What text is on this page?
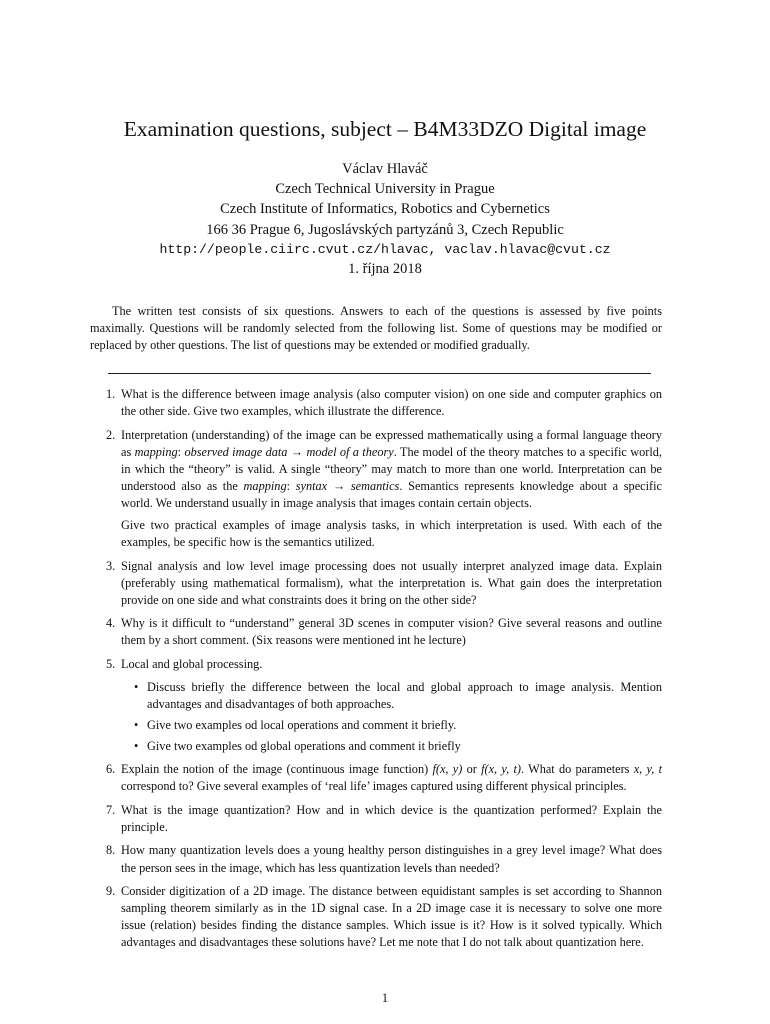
Examination questions, subject – B4M33DZO Digital image
Václav Hlaváč
Czech Technical University in Prague
Czech Institute of Informatics, Robotics and Cybernetics
166 36 Prague 6, Jugoslávských partyzánů 3, Czech Republic
http://people.ciirc.cvut.cz/hlavac, vaclav.hlavac@cvut.cz
1. října 2018

The written test consists of six questions. Answers to each of the questions is assessed by five points maximally. Questions will be randomly selected from the following list. Some of questions may be modified or replaced by other questions. The list of questions may be extended or modified gradually.

1. What is the difference between image analysis (also computer vision) on one side and computer graphics on the other side. Give two examples, which illustrate the difference.

2. Interpretation (understanding) of the image can be expressed mathematically using a formal language theory as mapping: observed image data → model of a theory. The model of the theory matches to a specific world, in which the “theory” is valid. A single “theory” may match to more than one world. Interpretation can be understood also as the mapping: syntax → semantics. Semantics represents knowledge about a specific world. We understand usually in image analysis that images contain certain objects.

Give two practical examples of image analysis tasks, in which interpretation is used. With each of the examples, be specific how is the semantics utilized.

3. Signal analysis and low level image processing does not usually interpret analyzed image data. Explain (preferably using mathematical formalism), what the interpretation is. What gain does the interpretation provide on one side and what constraints does it bring on the other side?

4. Why is it difficult to “understand” general 3D scenes in computer vision? Give several reasons and outline them by a short comment. (Six reasons were mentioned int he lecture)

5. Local and global processing.

• Discuss briefly the difference between the local and global approach to image analysis. Mention advantages and disadvantages of both approaches.
• Give two examples od local operations and comment it briefly.
• Give two examples od global operations and comment it briefly
6. Explain the notion of the image (continuous image function) f(x, y) or f(x, y, t). What do parameters x, y, t correspond to? Give several examples of ‘real life’ images captured using different physical principles.

7. What is the image quantization? How and in which device is the quantization performed? Explain the principle.

8. How many quantization levels does a young healthy person distinguishes in a grey level image? What does the person sees in the image, which has less quantization levels than needed?

9. Consider digitization of a 2D image. The distance between equidistant samples is set according to Shannon sampling theorem similarly as in the 1D signal case. In a 2D image case it is necessary to solve one more issue (relation) besides finding the distance samples. Which issue is it? How is it solved typically. Which advantages and disadvantages these solutions have? Let me note that I do not talk about quantization here.

1
